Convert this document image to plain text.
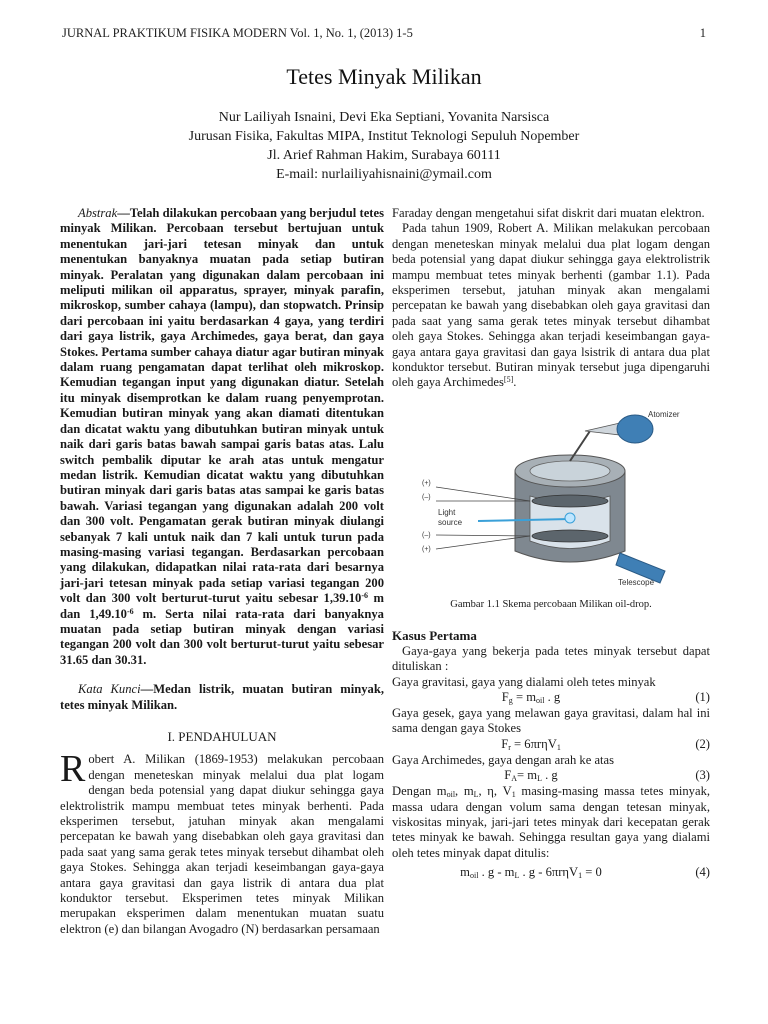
JURNAL PRAKTIKUM FISIKA MODERN Vol. 1, No. 1, (2013) 1-5	1
Tetes Minyak Milikan
Nur Lailiyah Isnaini, Devi Eka Septiani, Yovanita Narsisca
Jurusan Fisika, Fakultas MIPA, Institut Teknologi Sepuluh Nopember
Jl. Arief Rahman Hakim, Surabaya 60111
E-mail: nurlailiyahisnaini@ymail.com

Abstrak—Telah dilakukan percobaan yang berjudul tetes minyak Milikan. Percobaan tersebut bertujuan untuk menentukan jari-jari tetesan minyak dan untuk menentukan banyaknya muatan pada setiap butiran minyak. Peralatan yang digunakan dalam percobaan ini meliputi milikan oil apparatus, sprayer, minyak parafin, mikroskop, sumber cahaya (lampu), dan stopwatch. Prinsip dari percobaan ini yaitu berdasarkan 4 gaya, yang terdiri dari gaya listrik, gaya Archimedes, gaya berat, dan gaya Stokes. Pertama sumber cahaya diatur agar butiran minyak dalam ruang pengamatan dapat terlihat oleh mikroskop. Kemudian tegangan input yang digunakan diatur. Setelah itu minyak disemprotkan ke dalam ruang penyemprotan. Kemudian butiran minyak yang akan diamati ditentukan dan dicatat waktu yang dibutuhkan butiran minyak untuk naik dari garis batas bawah sampai garis batas atas. Lalu switch pembalik diputar ke arah atas untuk mengatur medan listrik. Kemudian dicatat waktu yang dibutuhkan butiran minyak dari garis batas atas sampai ke garis batas bawah. Variasi tegangan yang digunakan adalah 200 volt dan 300 volt. Pengamatan gerak butiran minyak diulangi sebanyak 7 kali untuk naik dan 7 kali untuk turun pada masing-masing variasi tegangan. Berdasarkan percobaan yang dilakukan, didapatkan nilai rata-rata dari besarnya jari-jari tetesan minyak pada setiap variasi tegangan 200 volt dan 300 volt berturut-turut yaitu sebesar $1,39.10^{-6}$ m dan $1,49.10^{-6}$ m. Serta nilai rata-rata dari banyaknya muatan pada setiap butiran minyak dengan variasi tegangan 200 volt dan 300 volt berturut-turut yaitu sebesar 31.65 dan 30.31.

Kata Kunci—Medan listrik, muatan butiran minyak, tetes minyak Milikan.

I. PENDAHULUAN

Robert A. Milikan (1869-1953) melakukan percobaan dengan meneteskan minyak melalui dua plat logam dengan beda potensial yang dapat diukur sehingga gaya elektrolistrik mampu membuat tetes minyak berhenti. Pada eksperimen tersebut, jatuhan minyak akan mengalami percepatan ke bawah yang disebabkan oleh gaya gravitasi dan pada saat yang sama gerak tetes minyak tersebut dihambat oleh gaya Stokes. Sehingga akan terjadi keseimbangan gaya-gaya antara gaya gravitasi dan gaya listrik di antara dua plat konduktor tersebut. Eksperimen tetes minyak Milikan merupakan eksperimen dalam menentukan muatan suatu elektron (e) dan bilangan Avogadro (N) berdasarkan persamaan

Faraday dengan mengetahui sifat diskrit dari muatan elektron.

Pada tahun 1909, Robert A. Milikan melakukan percobaan dengan meneteskan minyak melalui dua plat logam dengan beda potensial yang dapat diukur sehingga gaya elektrolistrik mampu membuat tetes minyak berhenti (gambar 1.1). Pada eksperimen tersebut, jatuhan minyak akan mengalami percepatan ke bawah yang disebabkan oleh gaya gravitasi dan pada saat yang sama gerak tetes minyak tersebut dihambat oleh gaya Stokes. Sehingga akan terjadi keseimbangan gaya-gaya antara gaya gravitasi dan gaya lsistrik di antara dua plat konduktor tersebut. Butiran minyak tersebut juga dipengaruhi oleh gaya Archimedes[5].

Atomizer
Light
source
Telescope
(+)
(–)
(–)
(+)
Gambar 1.1 Skema percobaan Milikan oil-drop.
Kasus Pertama

Gaya-gaya yang bekerja pada tetes minyak tersebut dapat dituliskan :

Gaya gravitasi, gaya yang dialami oleh tetes minyak

$F_g = m_{oil}$ . g	(1)

Gaya gesek, gaya yang melawan gaya gravitasi, dalam hal ini sama dengan gaya Stokes

$F_r = 6\pi r\eta V_1$	(2)

Gaya Archimedes, gaya dengan arah ke atas

$F_A= m_L$ . g	(3)

Dengan $m_{oil}$, $m_L$, η, $V_1$ masing-masing massa tetes minyak, massa udara dengan volum sama dengan tetesan minyak, viskositas minyak, jari-jari tetes minyak dari kecepatan gerak tetes minyak ke bawah. Sehingga resultan gaya yang dialami oleh tetes minyak dapat ditulis:

$m_{oil}$ . g - $m_L$ . g - 6πrηV$_1$ = 0	(4)
